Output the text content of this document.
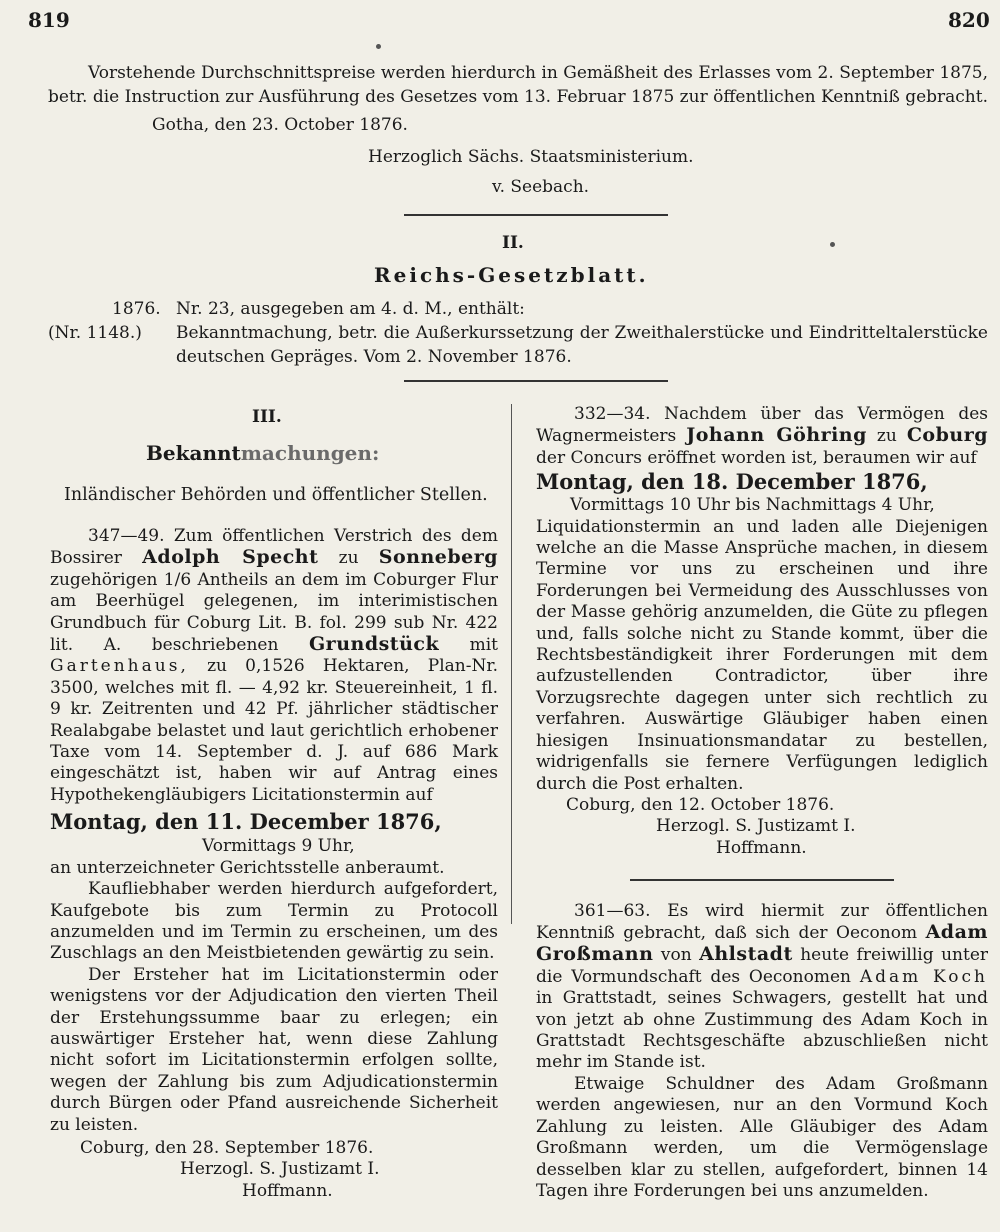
819	820
Vorstehende Durchschnittspreise werden hierdurch in Gemäßheit des Erlasses vom 2. September 1875,
betr. die Instruction zur Ausführung des Gesetzes vom 13. Februar 1875 zur öffentlichen Kenntniß gebracht.
Gotha, den 23. October 1876.
Herzoglich Sächs. Staatsministerium.
v. Seebach.
II.
Reichs-Gesetzblatt.
1876. Nr. 23, ausgegeben am 4. d. M., enthält:
(Nr. 1148.) Bekanntmachung, betr. die Außerkurssetzung der Zweithalerstücke und Eindritteltalerstücke
deutschen Gepräges. Vom 2. November 1876.
III.
Bekanntmachungen:
Inländischer Behörden und öffentlicher Stellen.

347—49. Zum öffentlichen Verstrich des dem Bossirer Adolph Specht zu Sonneberg zugehörigen 1/6 Antheils an dem im Coburger Flur am Beerhügel gelegenen, im interimistischen Grundbuch für Coburg Lit. B. fol. 299 sub Nr. 422 lit. A. beschriebenen Grundstück mit Gartenhaus, zu 0,1526 Hektaren, Plan-Nr. 3500, welches mit fl. — 4,92 kr. Steuereinheit, 1 fl. 9 kr. Zeitrenten und 42 Pf. jährlicher städtischer Realabgabe belastet und laut gerichtlich erhobener Taxe vom 14. September d. J. auf 686 Mark eingeschätzt ist, haben wir auf Antrag eines Hypothekengläubigers Licitationstermin auf

Montag, den 11. December 1876,

Vormittags 9 Uhr,

an unterzeichneter Gerichtsstelle anberaumt.

Kaufliebhaber werden hierdurch aufgefordert, Kaufgebote bis zum Termin zu Protocoll anzumelden und im Termin zu erscheinen, um des Zuschlags an den Meistbietenden gewärtig zu sein.

Der Ersteher hat im Licitationstermin oder wenigstens vor der Adjudication den vierten Theil der Erstehungssumme baar zu erlegen; ein auswärtiger Ersteher hat, wenn diese Zahlung nicht sofort im Licitationstermin erfolgen sollte, wegen der Zahlung bis zum Adjudicationstermin durch Bürgen oder Pfand ausreichende Sicherheit zu leisten.

Coburg, den 28. September 1876.

Herzogl. S. Justizamt I.

Hoffmann.

332—34. Nachdem über das Vermögen des Wagnermeisters Johann Göhring zu Coburg der Concurs eröffnet worden ist, beraumen wir auf

Montag, den 18. December 1876,

Vormittags 10 Uhr bis Nachmittags 4 Uhr,

Liquidationstermin an und laden alle Diejenigen welche an die Masse Ansprüche machen, in diesem Termine vor uns zu erscheinen und ihre Forderungen bei Vermeidung des Ausschlusses von der Masse gehörig anzumelden, die Güte zu pflegen und, falls solche nicht zu Stande kommt, über die Rechtsbeständigkeit ihrer Forderungen mit dem aufzustellenden Contradictor, über ihre Vorzugsrechte dagegen unter sich rechtlich zu verfahren. Auswärtige Gläubiger haben einen hiesigen Insinuationsmandatar zu bestellen, widrigenfalls sie fernere Verfügungen lediglich durch die Post erhalten.

Coburg, den 12. October 1876.

Herzogl. S. Justizamt I.

Hoffmann.

361—63. Es wird hiermit zur öffentlichen Kenntniß gebracht, daß sich der Oeconom Adam Großmann von Ahlstadt heute freiwillig unter die Vormundschaft des Oeconomen Adam Koch in Grattstadt, seines Schwagers, gestellt hat und von jetzt ab ohne Zustimmung des Adam Koch in Grattstadt Rechtsgeschäfte abzuschließen nicht mehr im Stande ist.

Etwaige Schuldner des Adam Großmann werden angewiesen, nur an den Vormund Koch Zahlung zu leisten. Alle Gläubiger des Adam Großmann werden, um die Vermögenslage desselben klar zu stellen, aufgefordert, binnen 14 Tagen ihre Forderungen bei uns anzumelden.
